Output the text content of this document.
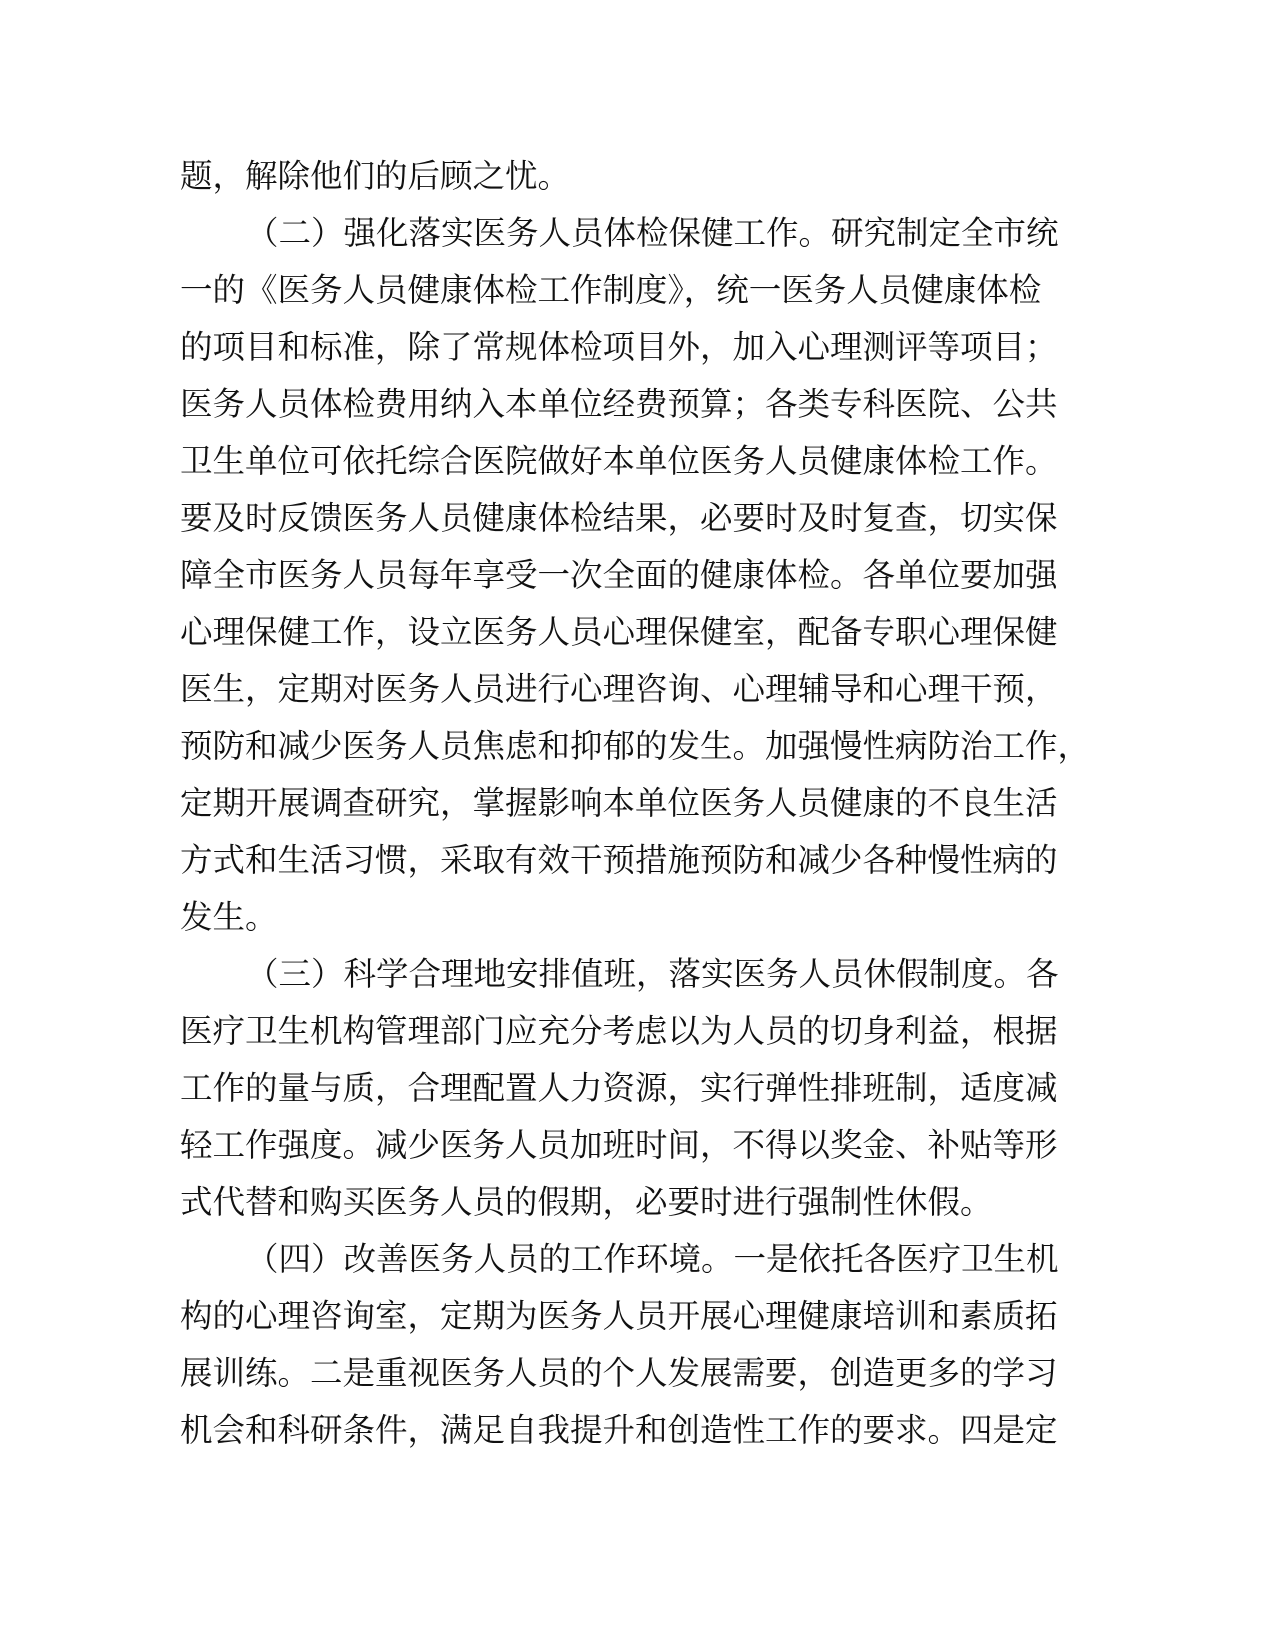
题，解除他们的后顾之忧。
（二）强化落实医务人员体检保健工作。研究制定全市统
一的《医务人员健康体检工作制度》，统一医务人员健康体检
的项目和标准，除了常规体检项目外，加入心理测评等项目；
医务人员体检费用纳入本单位经费预算；各类专科医院、公共
卫生单位可依托综合医院做好本单位医务人员健康体检工作。
要及时反馈医务人员健康体检结果，必要时及时复查，切实保
障全市医务人员每年享受一次全面的健康体检。各单位要加强
心理保健工作，设立医务人员心理保健室，配备专职心理保健
医生，定期对医务人员进行心理咨询、心理辅导和心理干预，
预防和减少医务人员焦虑和抑郁的发生。加强慢性病防治工作，
定期开展调查研究，掌握影响本单位医务人员健康的不良生活
方式和生活习惯，采取有效干预措施预防和减少各种慢性病的
发生。
（三）科学合理地安排值班，落实医务人员休假制度。各
医疗卫生机构管理部门应充分考虑以为人员的切身利益，根据
工作的量与质，合理配置人力资源，实行弹性排班制，适度减
轻工作强度。减少医务人员加班时间，不得以奖金、补贴等形
式代替和购买医务人员的假期，必要时进行强制性休假。
（四）改善医务人员的工作环境。一是依托各医疗卫生机
构的心理咨询室，定期为医务人员开展心理健康培训和素质拓
展训练。二是重视医务人员的个人发展需要，创造更多的学习
机会和科研条件，满足自我提升和创造性工作的要求。四是定
